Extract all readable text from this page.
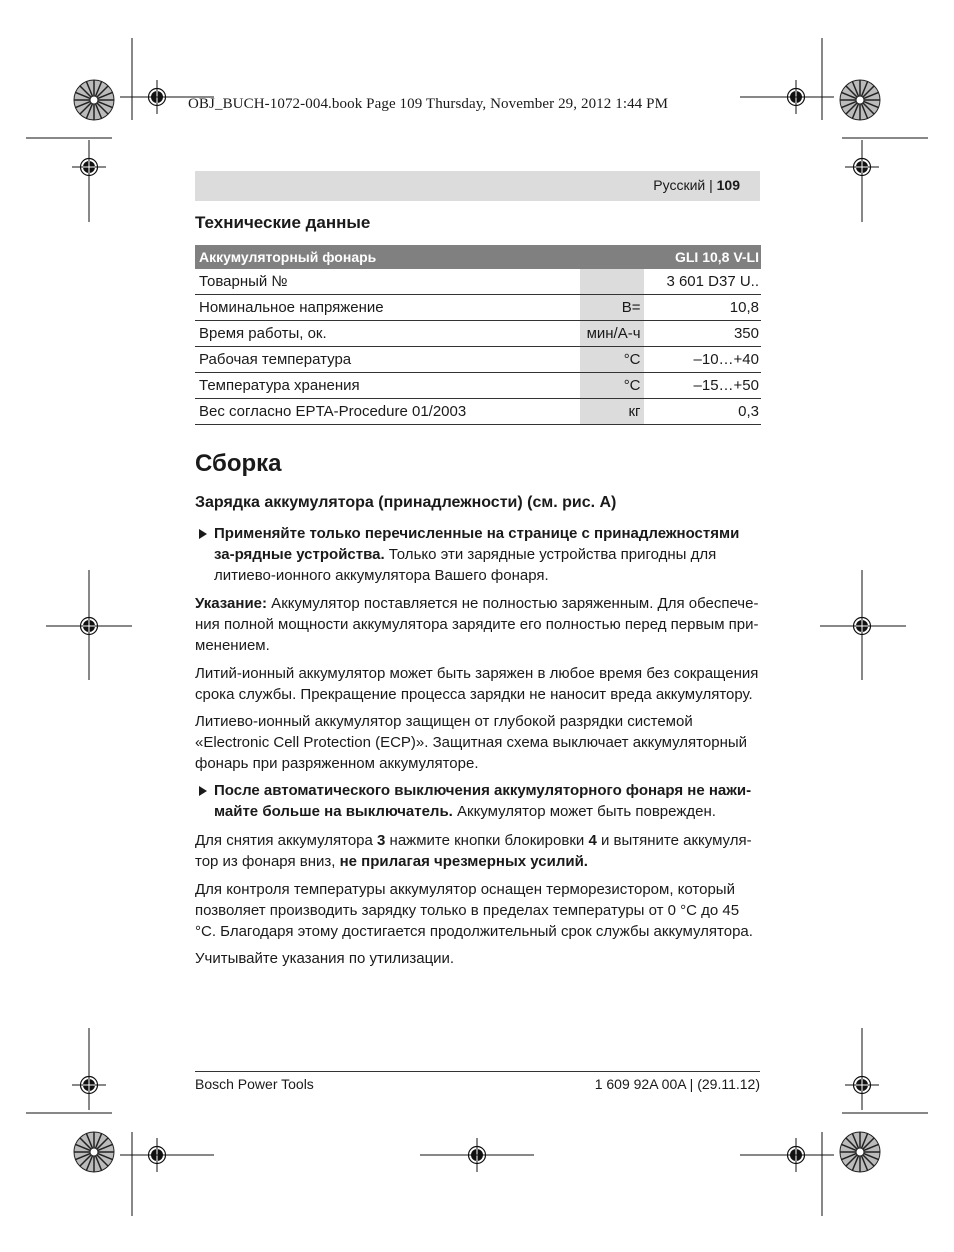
OBJ_BUCH-1072-004.book Page 109 Thursday, November 29, 2012 1:44 PM
Русский | 109
Технические данные
Аккумуляторный фонарь		GLI 10,8 V-LI
Товарный №		3 601 D37 U..
Номинальное напряжение	В=	10,8
Время работы, ок.	мин/А-ч	350
Рабочая температура	°C	–10…+40
Температура хранения	°C	–15…+50
Вес согласно EPTA-Procedure 01/2003	кг	0,3
Сборка
Зарядка аккумулятора (принадлежности) (см. рис. A)
Применяйте только перечисленные на странице с принадлежностями за-рядные устройства. Только эти зарядные устройства пригодны для литиево-ионного аккумулятора Вашего фонаря.
Указание: Аккумулятор поставляется не полностью заряженным. Для обеспече-ния полной мощности аккумулятора зарядите его полностью перед первым при-менением.
Литий-ионный аккумулятор может быть заряжен в любое время без сокращения срока службы. Прекращение процесса зарядки не наносит вреда аккумулятору.
Литиево-ионный аккумулятор защищен от глубокой разрядки системой «Electronic Cell Protection (ECP)». Защитная схема выключает аккумуляторный фонарь при разряженном аккумуляторе.
После автоматического выключения аккумуляторного фонаря не нажи-майте больше на выключатель. Аккумулятор может быть поврежден.
Для снятия аккумулятора 3 нажмите кнопки блокировки 4 и вытяните аккумуля-тор из фонаря вниз, не прилагая чрезмерных усилий.
Для контроля температуры аккумулятор оснащен терморезистором, который позволяет производить зарядку только в пределах температуры от 0 °C до 45 °C. Благодаря этому достигается продолжительный срок службы аккумулятора.
Учитывайте указания по утилизации.
Bosch Power Tools	1 609 92A 00A | (29.11.12)
